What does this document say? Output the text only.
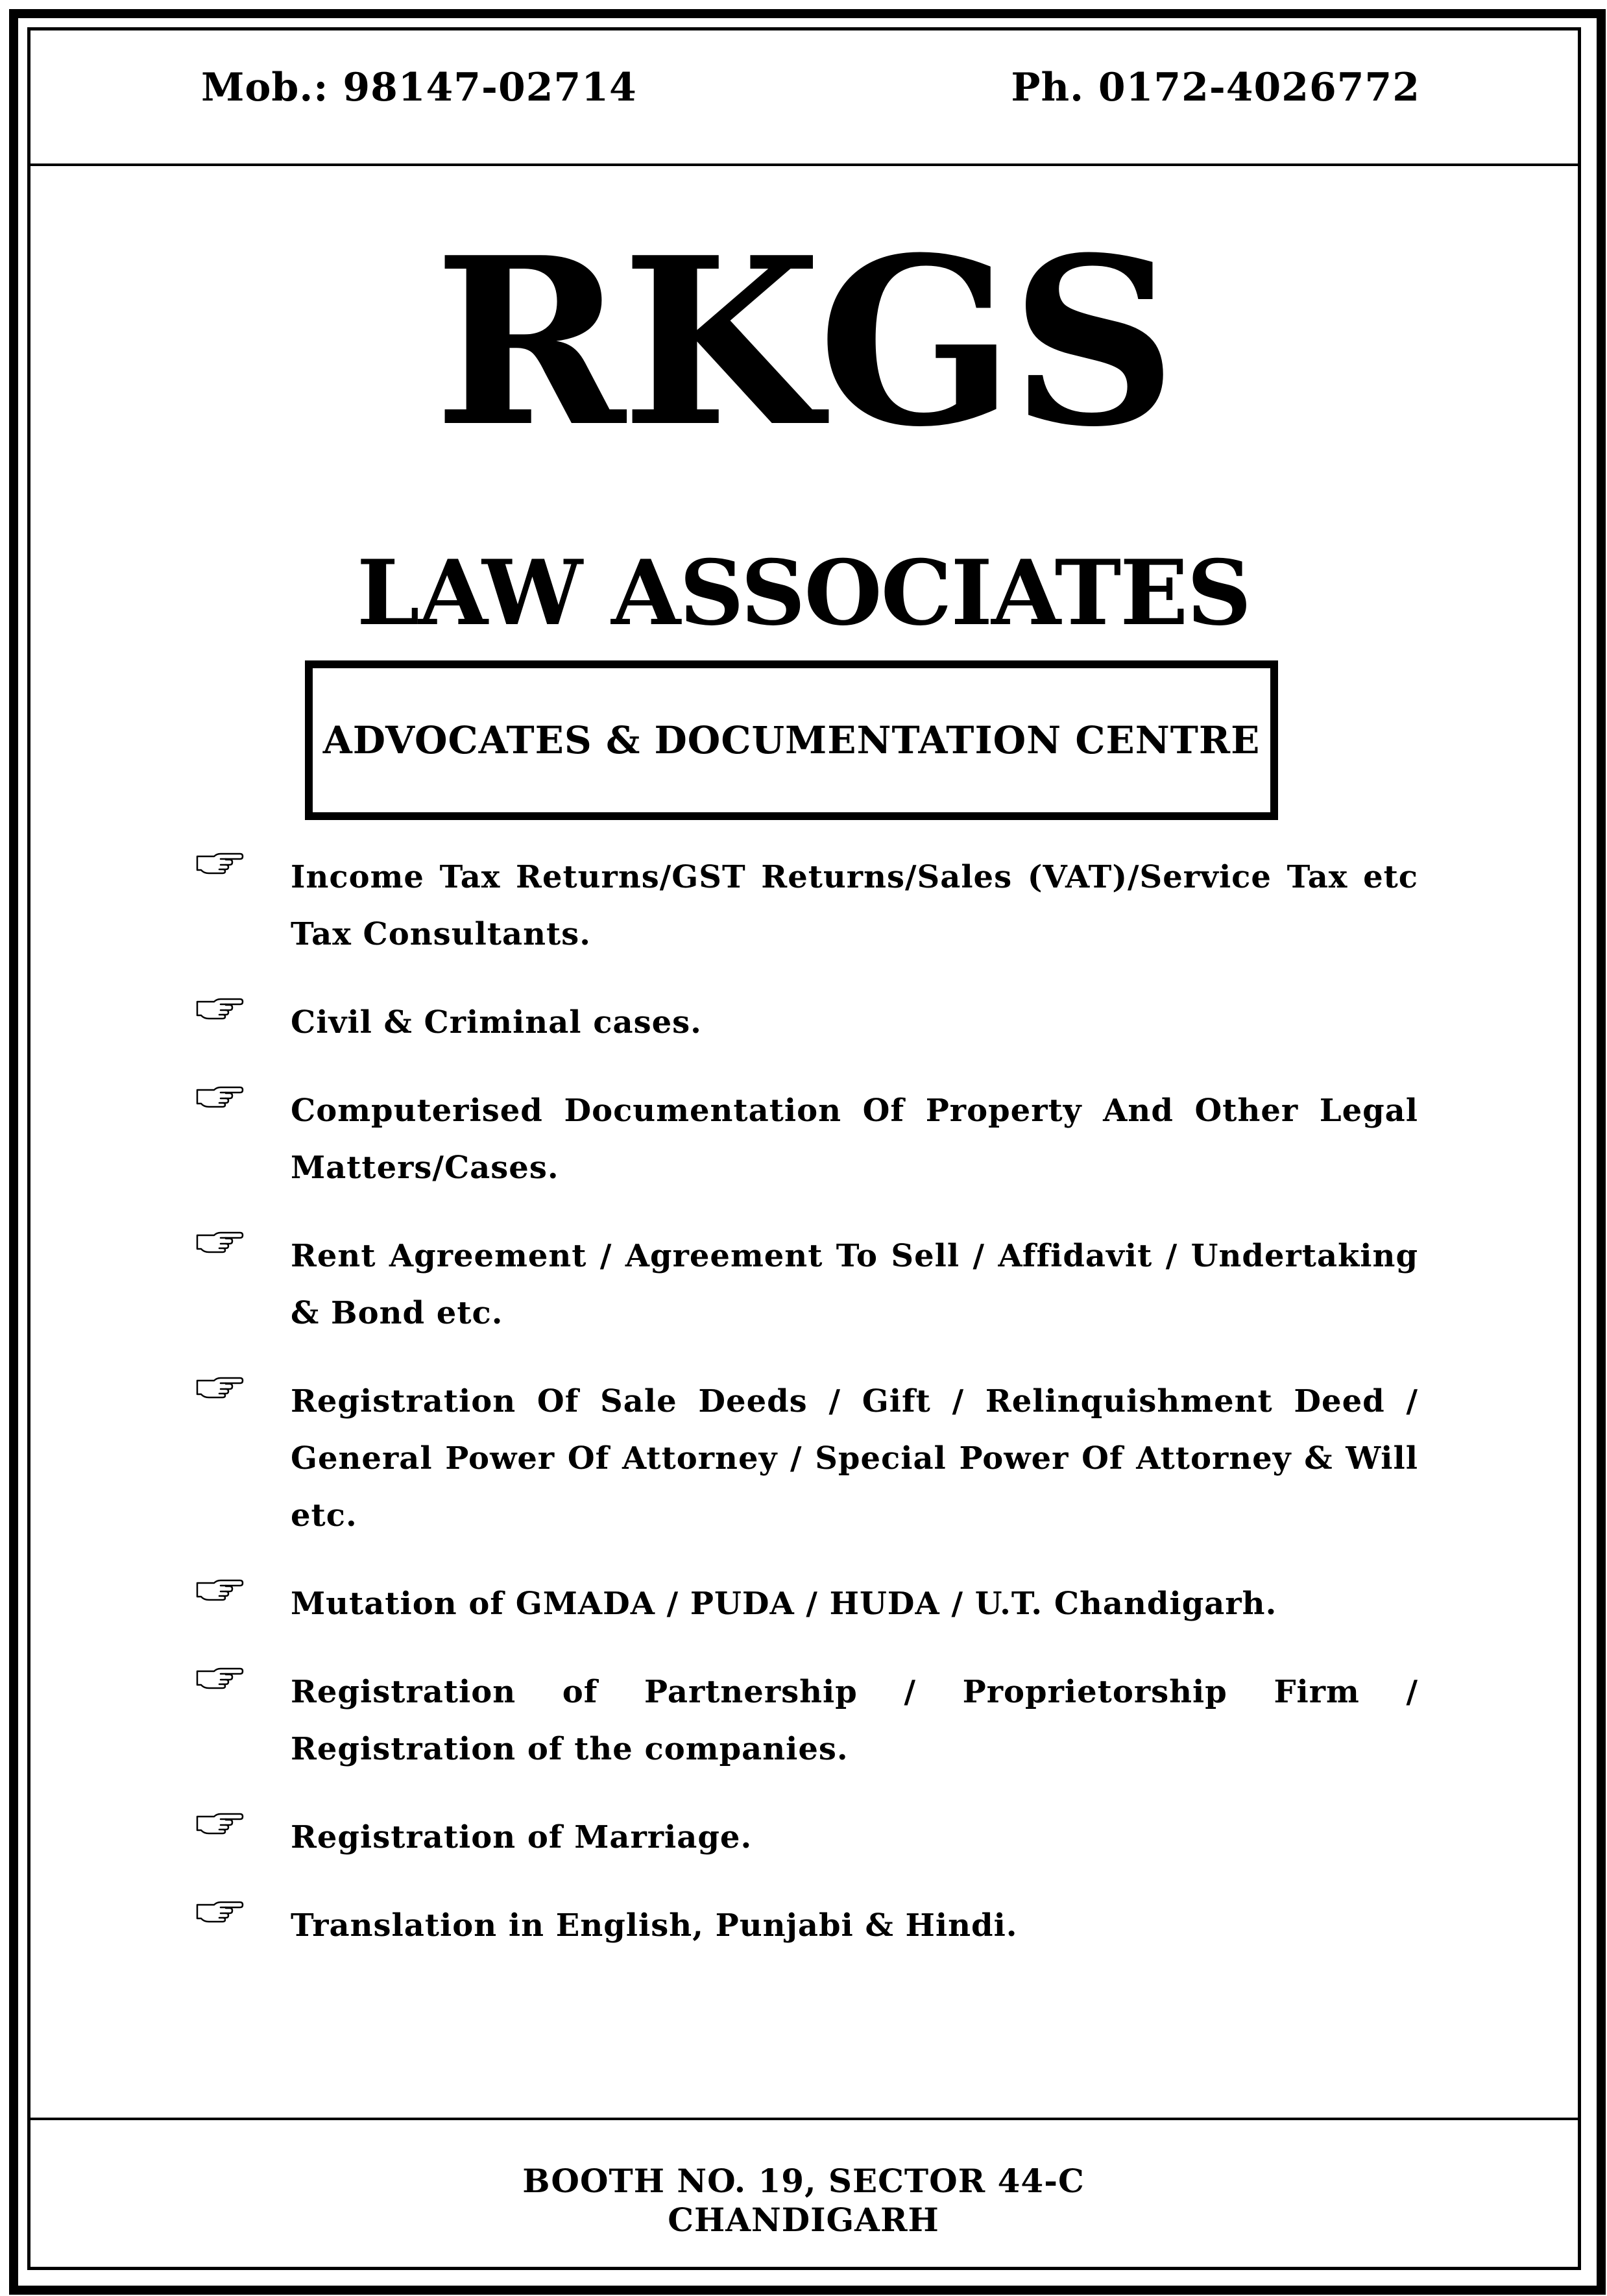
Mob.: 98147-02714	Ph. 0172-4026772
RKGS
LAW ASSOCIATES
ADVOCATES & DOCUMENTATION CENTRE
Income Tax Returns/GST Returns/Sales (VAT)/Service Tax etc Tax Consultants.
Civil & Criminal cases.
Computerised Documentation Of Property And Other Legal Matters/Cases.
Rent Agreement / Agreement To Sell / Affidavit / Undertaking & Bond etc.
Registration Of Sale Deeds / Gift / Relinquishment Deed / General Power Of Attorney / Special Power Of Attorney & Will etc.
Mutation of GMADA / PUDA / HUDA / U.T. Chandigarh.
Registration of Partnership / Proprietorship Firm / Registration of the companies.
Registration of Marriage.
Translation in English, Punjabi & Hindi.
BOOTH NO. 19, SECTOR 44-C
CHANDIGARH
